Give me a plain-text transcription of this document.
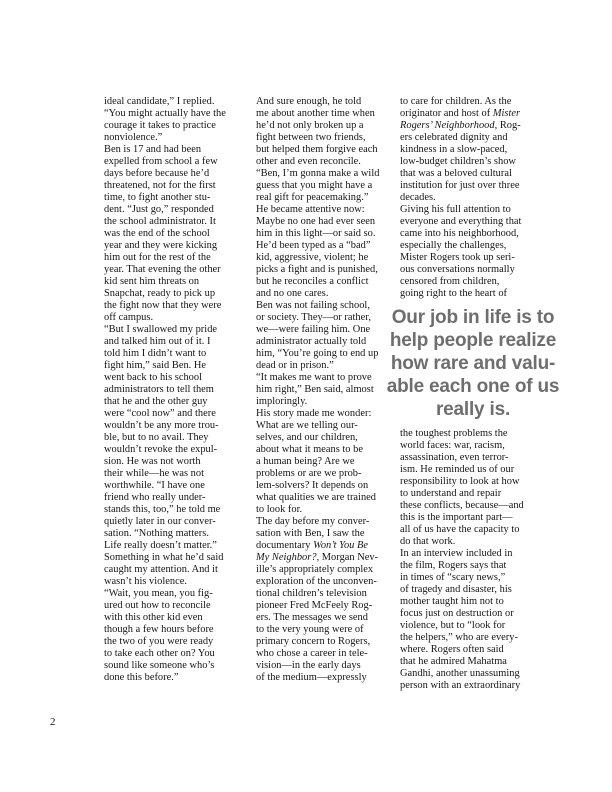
ideal candidate,” I replied.
“You might actually have the
courage it takes to practice
nonviolence.”
Ben is 17 and had been
expelled from school a few
days before because he’d
threatened, not for the first
time, to fight another stu-
dent. “Just go,” responded
the school administrator. It
was the end of the school
year and they were kicking
him out for the rest of the
year. That evening the other
kid sent him threats on
Snapchat, ready to pick up
the fight now that they were
off campus.
“But I swallowed my pride
and talked him out of it. I
told him I didn’t want to
fight him,” said Ben. He
went back to his school
administrators to tell them
that he and the other guy
were “cool now” and there
wouldn’t be any more trou-
ble, but to no avail. They
wouldn’t revoke the expul-
sion. He was not worth
their while—he was not
worthwhile. “I have one
friend who really under-
stands this, too,” he told me
quietly later in our conver-
sation. “Nothing matters.
Life really doesn’t matter.”
Something in what he’d said
caught my attention. And it
wasn’t his violence.
“Wait, you mean, you fig-
ured out how to reconcile
with this other kid even
though a few hours before
the two of you were ready
to take each other on? You
sound like someone who’s
done this before.”
And sure enough, he told
me about another time when
he’d not only broken up a
fight between two friends,
but helped them forgive each
other and even reconcile.
“Ben, I’m gonna make a wild
guess that you might have a
real gift for peacemaking.”
He became attentive now:
Maybe no one had ever seen
him in this light—or said so.
He’d been typed as a “bad”
kid, aggressive, violent; he
picks a fight and is punished,
but he reconciles a conflict
and no one cares.
Ben was not failing school,
or society. They—or rather,
we—were failing him. One
administrator actually told
him, “You’re going to end up
dead or in prison.”
“It makes me want to prove
him right,” Ben said, almost
imploringly.
His story made me wonder:
What are we telling our-
selves, and our children,
about what it means to be
a human being? Are we
problems or are we prob-
lem-solvers? It depends on
what qualities we are trained
to look for.
The day before my conver-
sation with Ben, I saw the
documentary Won’t You Be
My Neighbor?, Morgan Nev-
ille’s appropriately complex
exploration of the unconven-
tional children’s television
pioneer Fred McFeely Rog-
ers. The messages we send
to the very young were of
primary concern to Rogers,
who chose a career in tele-
vision—in the early days
of the medium—expressly
to care for children. As the
originator and host of Mister
Rogers’ Neighborhood, Rog-
ers celebrated dignity and
kindness in a slow-paced,
low-budget children’s show
that was a beloved cultural
institution for just over three
decades.
Giving his full attention to
everyone and everything that
came into his neighborhood,
especially the challenges,
Mister Rogers took up seri-
ous conversations normally
censored from children,
going right to the heart of
Our job in life is to
help people realize
how rare and valu-
able each one of us
really is.
the toughest problems the
world faces: war, racism,
assassination, even terror-
ism. He reminded us of our
responsibility to look at how
to understand and repair
these conflicts, because—and
this is the important part—
all of us have the capacity to
do that work.
In an interview included in
the film, Rogers says that
in times of “scary news,”
of tragedy and disaster, his
mother taught him not to
focus just on destruction or
violence, but to “look for
the helpers,” who are every-
where. Rogers often said
that he admired Mahatma
Gandhi, another unassuming
person with an extraordinary
2
